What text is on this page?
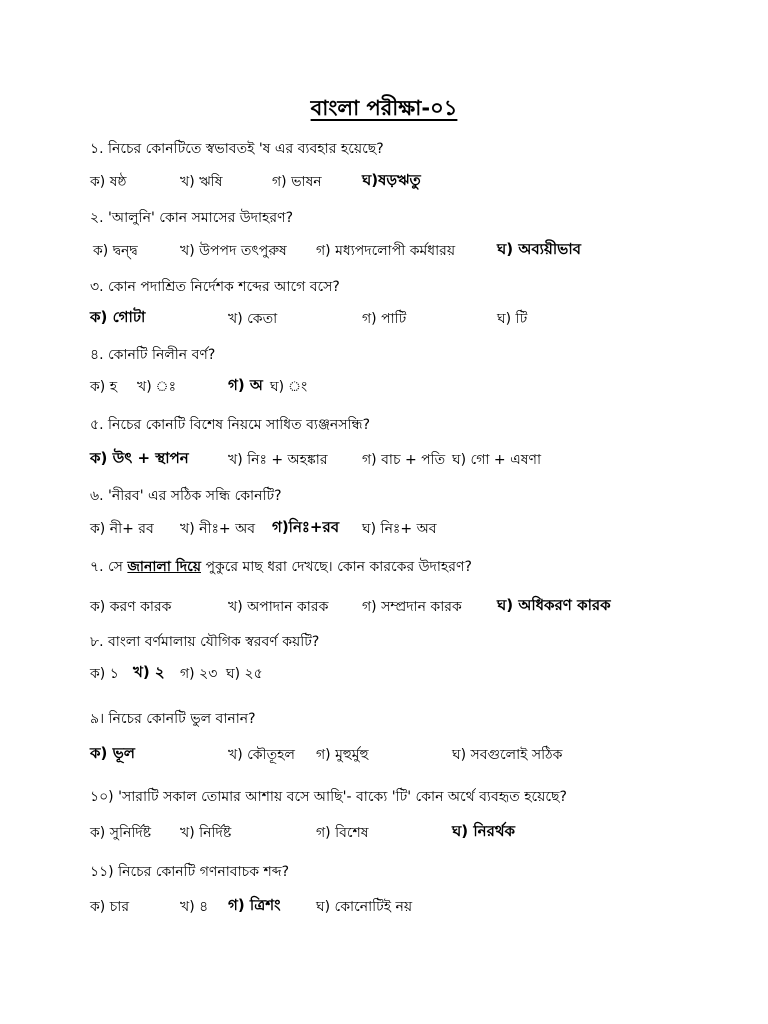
বাংলা পরীক্ষা-০১
১. নিচের কোনটিতে স্বভাবতই 'ষ এর ব্যবহার হয়েছে?
ক) ষষ্ঠ	খ) ঋষি	গ) ভাষন	ঘ)ষড়ঋতু
২. 'আলুনি' কোন সমাসের উদাহরণ?
ক) দ্বন্দ্ব	খ) উপপদ তৎপুরুষ গ) মধ্যপদলোপী কর্মধারয়	ঘ) অব্যয়ীভাব
৩. কোন পদাশ্রিত নির্দেশক শব্দের আগে বসে?
ক) গোটা	খ) কেতা	গ) পাটি	ঘ) টি
৪. কোনটি নিলীন বর্ণ?
ক) হ খ) ঃ	গ) অ ঘ) ং
৫. নিচের কোনটি বিশেষ নিয়মে সাধিত ব্যঞ্জনসন্ধি?
ক) উৎ + স্থাপন	খ) নিঃ + অহঙ্কার গ) বাচ + পতি ঘ) গো + এষণা
৬. 'নীরব' এর সঠিক সন্ধি কোনটি?
ক) নী+ রব খ) নীঃ+ অব গ)নিঃ+রব ঘ) নিঃ+ অব
৭. সে জানালা দিয়ে পুকুরে মাছ ধরা দেখছে। কোন কারকের উদাহরণ?
ক) করণ কারক	খ) অপাদান কারক গ) সম্প্রদান কারক ঘ) অধিকরণ কারক
৮. বাংলা বর্ণমালায় যৌগিক স্বরবর্ণ কয়টি?
ক) ১ খ) ২ গ) ২৩ ঘ) ২৫
৯। নিচের কোনটি ভুল বানান?
ক) ভূল	খ) কৌতূহল গ) মুহুর্মুহু	ঘ) সবগুলোই সঠিক
১০) 'সারাটি সকাল তোমার আশায় বসে আছি'- বাক্যে 'টি' কোন অর্থে ব্যবহৃত হয়েছে?
ক) সুনির্দিষ্ট খ) নির্দিষ্ট	গ) বিশেষ	ঘ) নিরর্থক
১১) নিচের কোনটি গণনাবাচক শব্দ?
ক) চার	খ) ৪ গ) ত্রিশং	ঘ) কোনোটিই নয়
